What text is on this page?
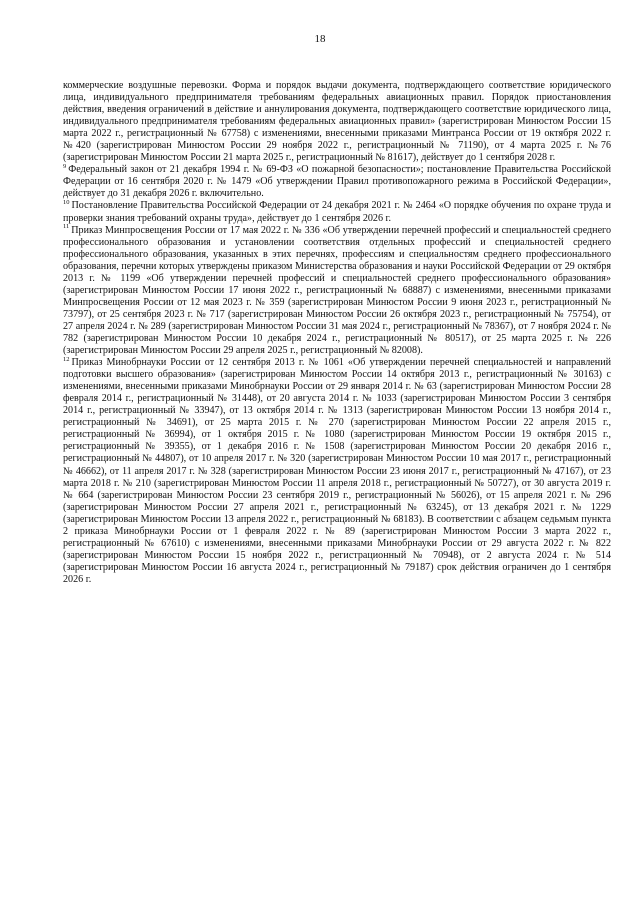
18

коммерческие воздушные перевозки. Форма и порядок выдачи документа, подтверждающего соответствие юридического лица, индивидуального предпринимателя требованиям федеральных авиационных правил. Порядок приостановления действия, введения ограничений в действие и аннулирования документа, подтверждающего соответствие юридического лица, индивидуального предпринимателя требованиям федеральных авиационных правил» (зарегистрирован Минюстом России 15 марта 2022 г., регистрационный № 67758) с изменениями, внесенными приказами Минтранса России от 19 октября 2022 г. №420 (зарегистрирован Минюстом России 29 ноября 2022 г., регистрационный № 71190), от 4 марта 2025 г. №76 (зарегистрирован Минюстом России 21 марта 2025 г., регистрационный № 81617), действует до 1 сентября 2028 г.

$^9$ Федеральный закон от 21 декабря 1994 г. № 69-ФЗ «О пожарной безопасности»; постановление Правительства Российской Федерации от 16 сентября 2020 г. № 1479 «Об утверждении Правил противопожарного режима в Российской Федерации», действует до 31 декабря 2026 г. включительно.

$^{10}$ Постановление Правительства Российской Федерации от 24 декабря 2021 г. № 2464 «О порядке обучения по охране труда и проверки знания требований охраны труда», действует до 1 сентября 2026 г.

$^{11}$ Приказ Минпросвещения России от 17 мая 2022 г. № 336 «Об утверждении перечней профессий и специальностей среднего профессионального образования и установлении соответствия отдельных профессий и специальностей среднего профессионального образования, указанных в этих перечнях, профессиям и специальностям среднего профессионального образования, перечни которых утверждены приказом Министерства образования и науки Российской Федерации от 29 октября 2013 г. № 1199 «Об утверждении перечней профессий и специальностей среднего профессионального образования» (зарегистрирован Минюстом России 17 июня 2022 г., регистрационный № 68887) с изменениями, внесенными приказами Минпросвещения России от 12 мая 2023 г. № 359 (зарегистрирован Минюстом России 9 июня 2023 г., регистрационный № 73797), от 25 сентября 2023 г. № 717 (зарегистрирован Минюстом России 26 октября 2023 г., регистрационный № 75754), от 27 апреля 2024 г. № 289 (зарегистрирован Минюстом России 31 мая 2024 г., регистрационный № 78367), от 7 ноября 2024 г. № 782 (зарегистрирован Минюстом России 10 декабря 2024 г., регистрационный № 80517), от 25 марта 2025 г. № 226 (зарегистрирован Минюстом России 29 апреля 2025 г., регистрационный № 82008).

$^{12}$ Приказ Минобрнауки России от 12 сентября 2013 г. № 1061 «Об утверждении перечней специальностей и направлений подготовки высшего образования» (зарегистрирован Минюстом России 14 октября 2013 г., регистрационный № 30163) с изменениями, внесенными приказами Минобрнауки России от 29 января 2014 г. № 63 (зарегистрирован Минюстом России 28 февраля 2014 г., регистрационный № 31448), от 20 августа 2014 г. № 1033 (зарегистрирован Минюстом России 3 сентября 2014 г., регистрационный № 33947), от 13 октября 2014 г. № 1313 (зарегистрирован Минюстом России 13 ноября 2014 г., регистрационный № 34691), от 25 марта 2015 г. № 270 (зарегистрирован Минюстом России 22 апреля 2015 г., регистрационный № 36994), от 1 октября 2015 г. № 1080 (зарегистрирован Минюстом России 19 октября 2015 г., регистрационный № 39355), от 1 декабря 2016 г. № 1508 (зарегистрирован Минюстом России 20 декабря 2016 г., регистрационный № 44807), от 10 апреля 2017 г. № 320 (зарегистрирован Минюстом России 10 мая 2017 г., регистрационный № 46662), от 11 апреля 2017 г. № 328 (зарегистрирован Минюстом России 23 июня 2017 г., регистрационный № 47167), от 23 марта 2018 г. № 210 (зарегистрирован Минюстом России 11 апреля 2018 г., регистрационный № 50727), от 30 августа 2019 г. № 664 (зарегистрирован Минюстом России 23 сентября 2019 г., регистрационный № 56026), от 15 апреля 2021 г. № 296 (зарегистрирован Минюстом России 27 апреля 2021 г., регистрационный № 63245), от 13 декабря 2021 г. № 1229 (зарегистрирован Минюстом России 13 апреля 2022 г., регистрационный № 68183). В соответствии с абзацем седьмым пункта 2 приказа Минобрнауки России от 1 февраля 2022 г. № 89 (зарегистрирован Минюстом России 3 марта 2022 г., регистрационный № 67610) с изменениями, внесенными приказами Минобрнауки России от 29 августа 2022 г. № 822 (зарегистрирован Минюстом России 15 ноября 2022 г., регистрационный № 70948), от 2 августа 2024 г. № 514 (зарегистрирован Минюстом России 16 августа 2024 г., регистрационный № 79187) срок действия ограничен до 1 сентября 2026 г.
